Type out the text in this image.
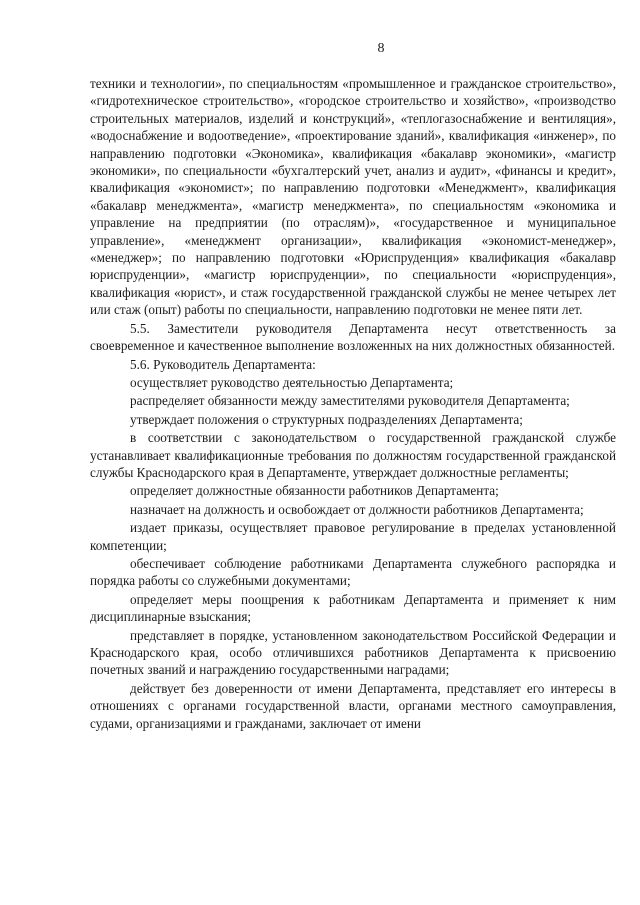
8

техники и технологии», по специальностям «промышленное и гражданское строительство», «гидротехническое строительство», «городское строительство и хозяйство», «производство строительных материалов, изделий и конструкций», «теплогазоснабжение и вентиляция», «водоснабжение и водоотведение», «проектирование зданий», квалификация «инженер», по направлению подготовки «Экономика», квалификация «бакалавр экономики», «магистр экономики», по специальности «бухгалтерский учет, анализ и аудит», «финансы и кредит», квалификация «экономист»; по направлению подготовки «Менеджмент», квалификация «бакалавр менеджмента», «магистр менеджмента», по специальностям «экономика и управление на предприятии (по отраслям)», «государственное и муниципальное управление», «менеджмент организации», квалификация «экономист-менеджер», «менеджер»; по направлению подготовки «Юриспруденция» квалификация «бакалавр юриспруденции», «магистр юриспруденции», по специальности «юриспруденция», квалификация «юрист», и стаж государственной гражданской службы не менее четырех лет или стаж (опыт) работы по специальности, направлению подготовки не менее пяти лет.

5.5. Заместители руководителя Департамента несут ответственность за своевременное и качественное выполнение возложенных на них должностных обязанностей.

5.6. Руководитель Департамента:

осуществляет руководство деятельностью Департамента;

распределяет обязанности между заместителями руководителя Департамента;

утверждает положения о структурных подразделениях Департамента;

в соответствии с законодательством о государственной гражданской службе устанавливает квалификационные требования по должностям государственной гражданской службы Краснодарского края в Департаменте, утверждает должностные регламенты;

определяет должностные обязанности работников Департамента;

назначает на должность и освобождает от должности работников Департамента;

издает приказы, осуществляет правовое регулирование в пределах установленной компетенции;

обеспечивает соблюдение работниками Департамента служебного распорядка и порядка работы со служебными документами;

определяет меры поощрения к работникам Департамента и применяет к ним дисциплинарные взыскания;

представляет в порядке, установленном законодательством Российской Федерации и Краснодарского края, особо отличившихся работников Департамента к присвоению почетных званий и награждению государственными наградами;

действует без доверенности от имени Департамента, представляет его интересы в отношениях с органами государственной власти, органами местного самоуправления, судами, организациями и гражданами, заключает от имени
